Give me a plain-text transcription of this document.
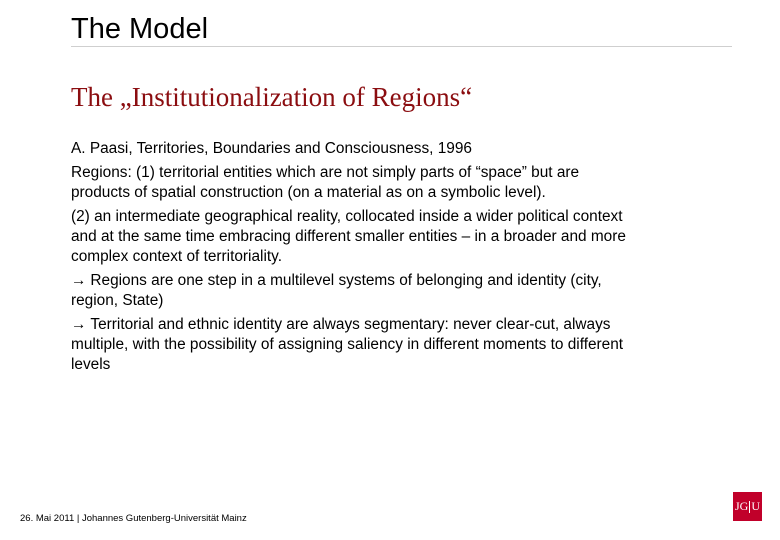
The Model
The „Institutionalization of Regions“

A. Paasi, Territories, Boundaries and Consciousness, 1996

Regions: (1) territorial entities which are not simply parts of “space” but are products of spatial construction (on a material as on a symbolic level).

(2) an intermediate geographical reality, collocated inside a wider political context and at the same time embracing different smaller entities – in a broader and more complex context of territoriality.

→ Regions are one step in a multilevel systems of belonging and identity (city, region, State)

→ Territorial and ethnic identity are always segmentary: never clear-cut, always multiple, with the possibility of assigning saliency in different moments to different levels

26. Mai 2011 | Johannes Gutenberg-Universität Mainz
JG U
